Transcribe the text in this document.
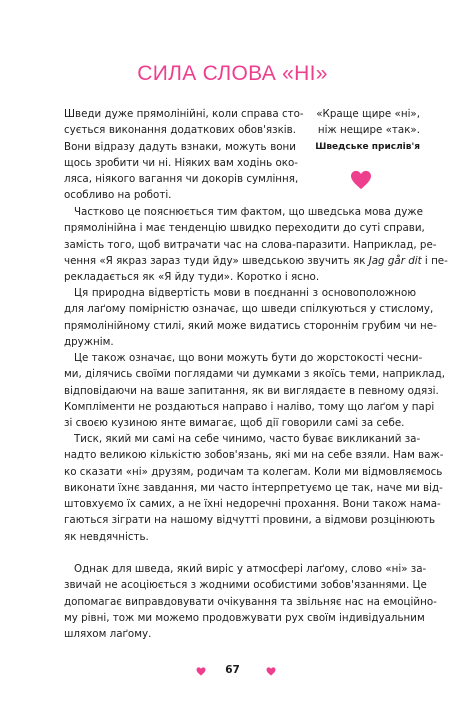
СИЛА СЛОВА «НІ»
Шведи дуже прямолінійні, коли справа сто-
сується виконання додаткових обов'язків.
Вони відразу дадуть взнаки, можуть вони
щось зробити чи ні. Ніяких вам ходінь око-
ляса, ніякого вагання чи докорів сумління,
особливо на роботі.
«Краще щире «ні»,
ніж нещире «так».
Шведське прислів'я
Частково це пояснюється тим фактом, що шведська мова дуже
прямолінійна і має тенденцію швидко переходити до суті справи,
замість того, щоб витрачати час на слова-паразити. Наприклад, ре-
чення «Я якраз зараз туди йду» шведською звучить як Jag går dit і пе-
рекладається як «Я йду туди». Коротко і ясно.
Ця природна відвертість мови в поєднанні з основоположною
для лаґому помірністю означає, що шведи спілкуються у стислому,
прямолінійному стилі, який може видатись стороннім грубим чи не-
дружнім.
Це також означає, що вони можуть бути до жорстокості чесни-
ми, ділячись своїми поглядами чи думками з якоїсь теми, наприклад,
відповідаючи на ваше запитання, як ви виглядаєте в певному одязі.
Компліменти не роздаються направо і наліво, тому що лаґом у парі
зі своєю кузиною янте вимагає, щоб дії говорили самі за себе.
Тиск, який ми самі на себе чинимо, часто буває викликаний за-
надто великою кількістю зобов'язань, які ми на себе взяли. Нам важ-
ко сказати «ні» друзям, родичам та колегам. Коли ми відмовляємось
виконати їхнє завдання, ми часто інтерпретуємо це так, наче ми від-
штовхуємо їх самих, а не їхні недоречні прохання. Вони також нама-
гаються зіграти на нашому відчутті провини, а відмови розцінюють
як невдячність.
Однак для шведа, який виріс у атмосфері лаґому, слово «ні» за-
звичай не асоціюється з жодними особистими зобов'язаннями. Це
допомагає виправдовувати очікування та звільняє нас на емоційно-
му рівні, тож ми можемо продовжувати рух своїм індивідуальним
шляхом лаґому.
67
